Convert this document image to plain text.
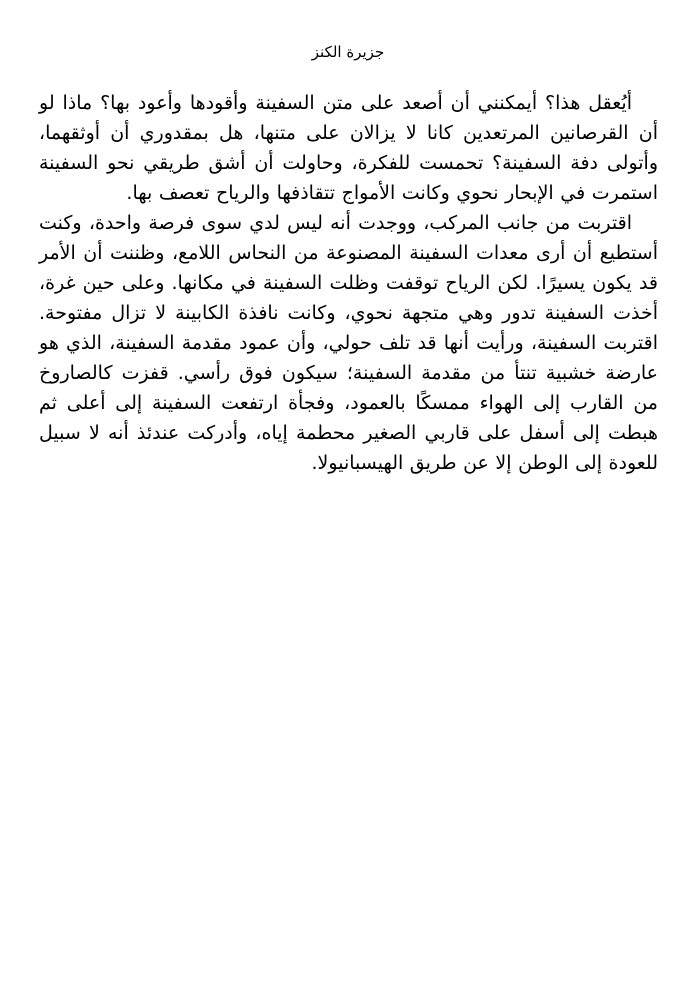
جزيرة الكنز

أيُعقل هذا؟ أيمكنني أن أصعد على متن السفينة وأقودها وأعود بها؟ ماذا لو أن القرصانين المرتعدين كانا لا يزالان على متنها، هل بمقدوري أن أوثقهما، وأتولى دفة السفينة؟ تحمست للفكرة، وحاولت أن أشق طريقي نحو السفينة استمرت في الإبحار نحوي وكانت الأمواج تتقاذفها والرياح تعصف بها.

اقتربت من جانب المركب، ووجدت أنه ليس لدي سوى فرصة واحدة، وكنت أستطيع أن أرى معدات السفينة المصنوعة من النحاس اللامع، وظننت أن الأمر قد يكون يسيرًا. لكن الرياح توقفت وظلت السفينة في مكانها. وعلى حين غرة، أخذت السفينة تدور وهي متجهة نحوي، وكانت نافذة الكابينة لا تزال مفتوحة. اقتربت السفينة، ورأيت أنها قد تلف حولي، وأن عمود مقدمة السفينة، الذي هو عارضة خشبية تنتأ من مقدمة السفينة؛ سيكون فوق رأسي. قفزت كالصاروخ من القارب إلى الهواء ممسكًا بالعمود، وفجأة ارتفعت السفينة إلى أعلى ثم هبطت إلى أسفل على قاربي الصغير محطمة إياه، وأدركت عندئذ أنه لا سبيل للعودة إلى الوطن إلا عن طريق الهيسبانيولا.
